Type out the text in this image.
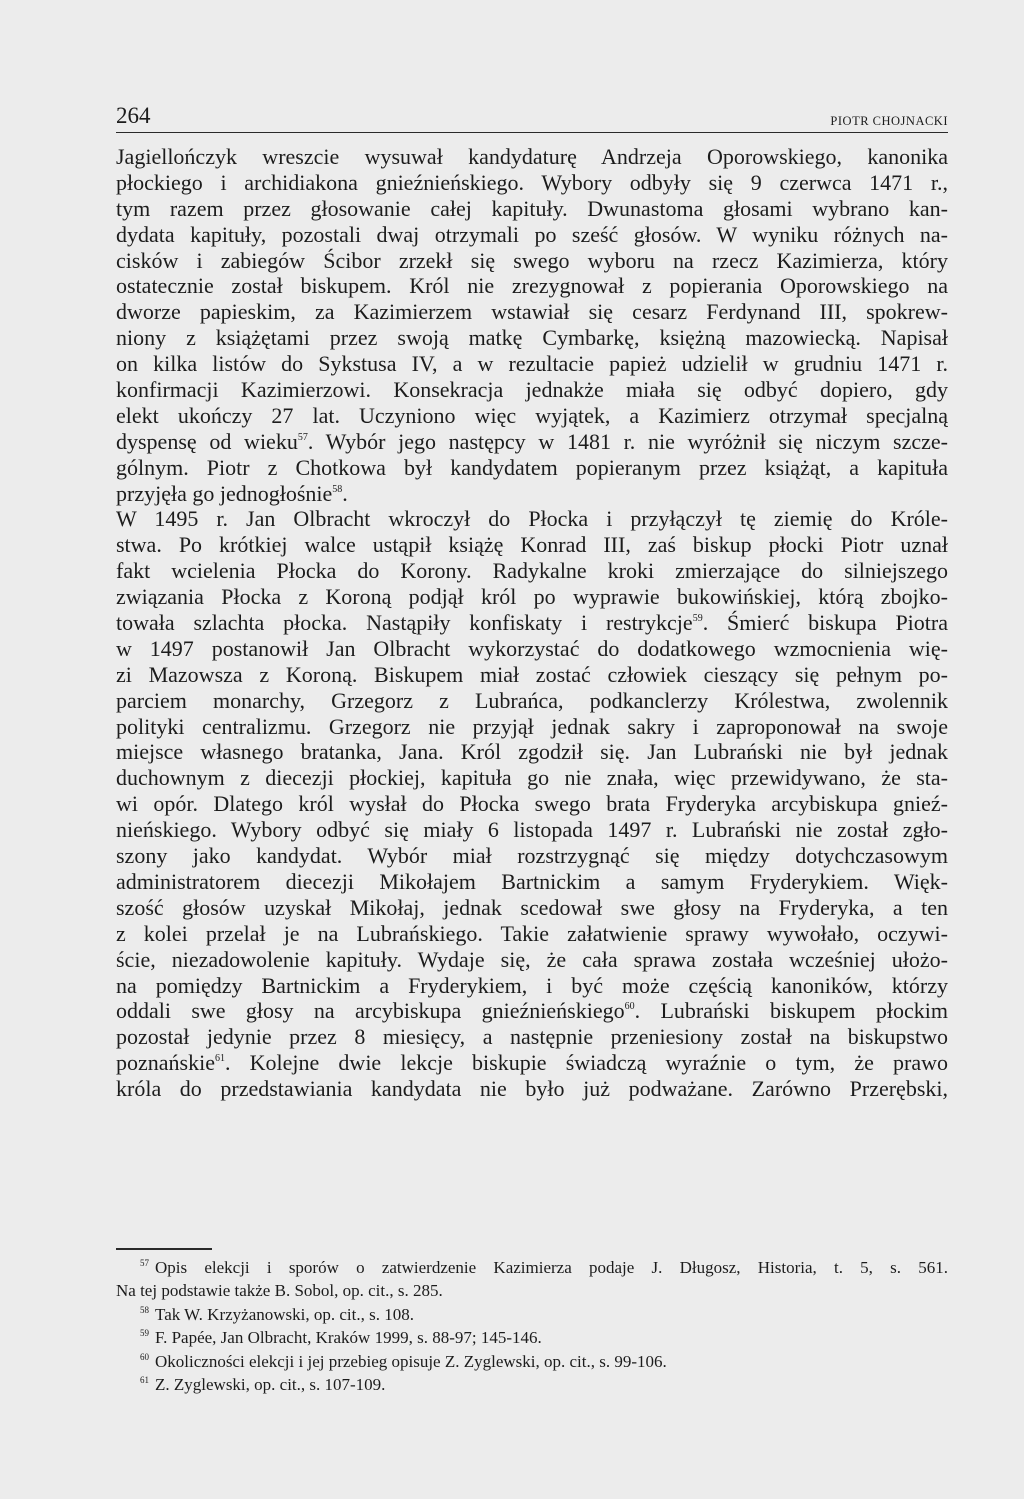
264	PIOTR CHOJNACKI
Jagiellończyk wreszcie wysuwał kandydaturę Andrzeja Oporowskiego, kanonika
płockiego i archidiakona gnieźnieńskiego. Wybory odbyły się 9 czerwca 1471 r.,
tym razem przez głosowanie całej kapituły. Dwunastoma głosami wybrano kan-
dydata kapituły, pozostali dwaj otrzymali po sześć głosów. W wyniku różnych na-
cisków i zabiegów Ścibor zrzekł się swego wyboru na rzecz Kazimierza, który
ostatecznie został biskupem. Król nie zrezygnował z popierania Oporowskiego na
dworze papieskim, za Kazimierzem wstawiał się cesarz Ferdynand III, spokrew-
niony z książętami przez swoją matkę Cymbarkę, księżną mazowiecką. Napisał
on kilka listów do Sykstusa IV, a w rezultacie papież udzielił w grudniu 1471 r.
konfirmacji Kazimierzowi. Konsekracja jednakże miała się odbyć dopiero, gdy
elekt ukończy 27 lat. Uczyniono więc wyjątek, a Kazimierz otrzymał specjalną
dyspensę od wieku$^{57}$. Wybór jego następcy w 1481 r. nie wyróżnił się niczym szcze-
gólnym. Piotr z Chotkowa był kandydatem popieranym przez książąt, a kapituła
przyjęła go jednogłośnie$^{58}$.
W 1495 r. Jan Olbracht wkroczył do Płocka i przyłączył tę ziemię do Króle-
stwa. Po krótkiej walce ustąpił książę Konrad III, zaś biskup płocki Piotr uznał
fakt wcielenia Płocka do Korony. Radykalne kroki zmierzające do silniejszego
związania Płocka z Koroną podjął król po wyprawie bukowińskiej, którą zbojko-
towała szlachta płocka. Nastąpiły konfiskaty i restrykcje$^{59}$. Śmierć biskupa Piotra
w 1497 postanowił Jan Olbracht wykorzystać do dodatkowego wzmocnienia wię-
zi Mazowsza z Koroną. Biskupem miał zostać człowiek cieszący się pełnym po-
parciem monarchy, Grzegorz z Lubrańca, podkanclerzy Królestwa, zwolennik
polityki centralizmu. Grzegorz nie przyjął jednak sakry i zaproponował na swoje
miejsce własnego bratanka, Jana. Król zgodził się. Jan Lubrański nie był jednak
duchownym z diecezji płockiej, kapituła go nie znała, więc przewidywano, że sta-
wi opór. Dlatego król wysłał do Płocka swego brata Fryderyka arcybiskupa gnieź-
nieńskiego. Wybory odbyć się miały 6 listopada 1497 r. Lubrański nie został zgło-
szony jako kandydat. Wybór miał rozstrzygnąć się między dotychczasowym
administratorem diecezji Mikołajem Bartnickim a samym Fryderykiem. Więk-
szość głosów uzyskał Mikołaj, jednak scedował swe głosy na Fryderyka, a ten
z kolei przelał je na Lubrańskiego. Takie załatwienie sprawy wywołało, oczywi-
ście, niezadowolenie kapituły. Wydaje się, że cała sprawa została wcześniej ułożo-
na pomiędzy Bartnickim a Fryderykiem, i być może częścią kanoników, którzy
oddali swe głosy na arcybiskupa gnieźnieńskiego$^{60}$. Lubrański biskupem płockim
pozostał jedynie przez 8 miesięcy, a następnie przeniesiony został na biskupstwo
poznańskie$^{61}$. Kolejne dwie lekcje biskupie świadczą wyraźnie o tym, że prawo
króla do przedstawiania kandydata nie było już podważane. Zarówno Przerębski,
$^{57}$ Opis elekcji i sporów o zatwierdzenie Kazimierza podaje J. Długosz, Historia, t. 5, s. 561.
Na tej podstawie także B. Sobol, op. cit., s. 285.
$^{58}$ Tak W. Krzyżanowski, op. cit., s. 108.
$^{59}$ F. Papée, Jan Olbracht, Kraków 1999, s. 88-97; 145-146.
$^{60}$ Okoliczności elekcji i jej przebieg opisuje Z. Zyglewski, op. cit., s. 99-106.
$^{61}$ Z. Zyglewski, op. cit., s. 107-109.
